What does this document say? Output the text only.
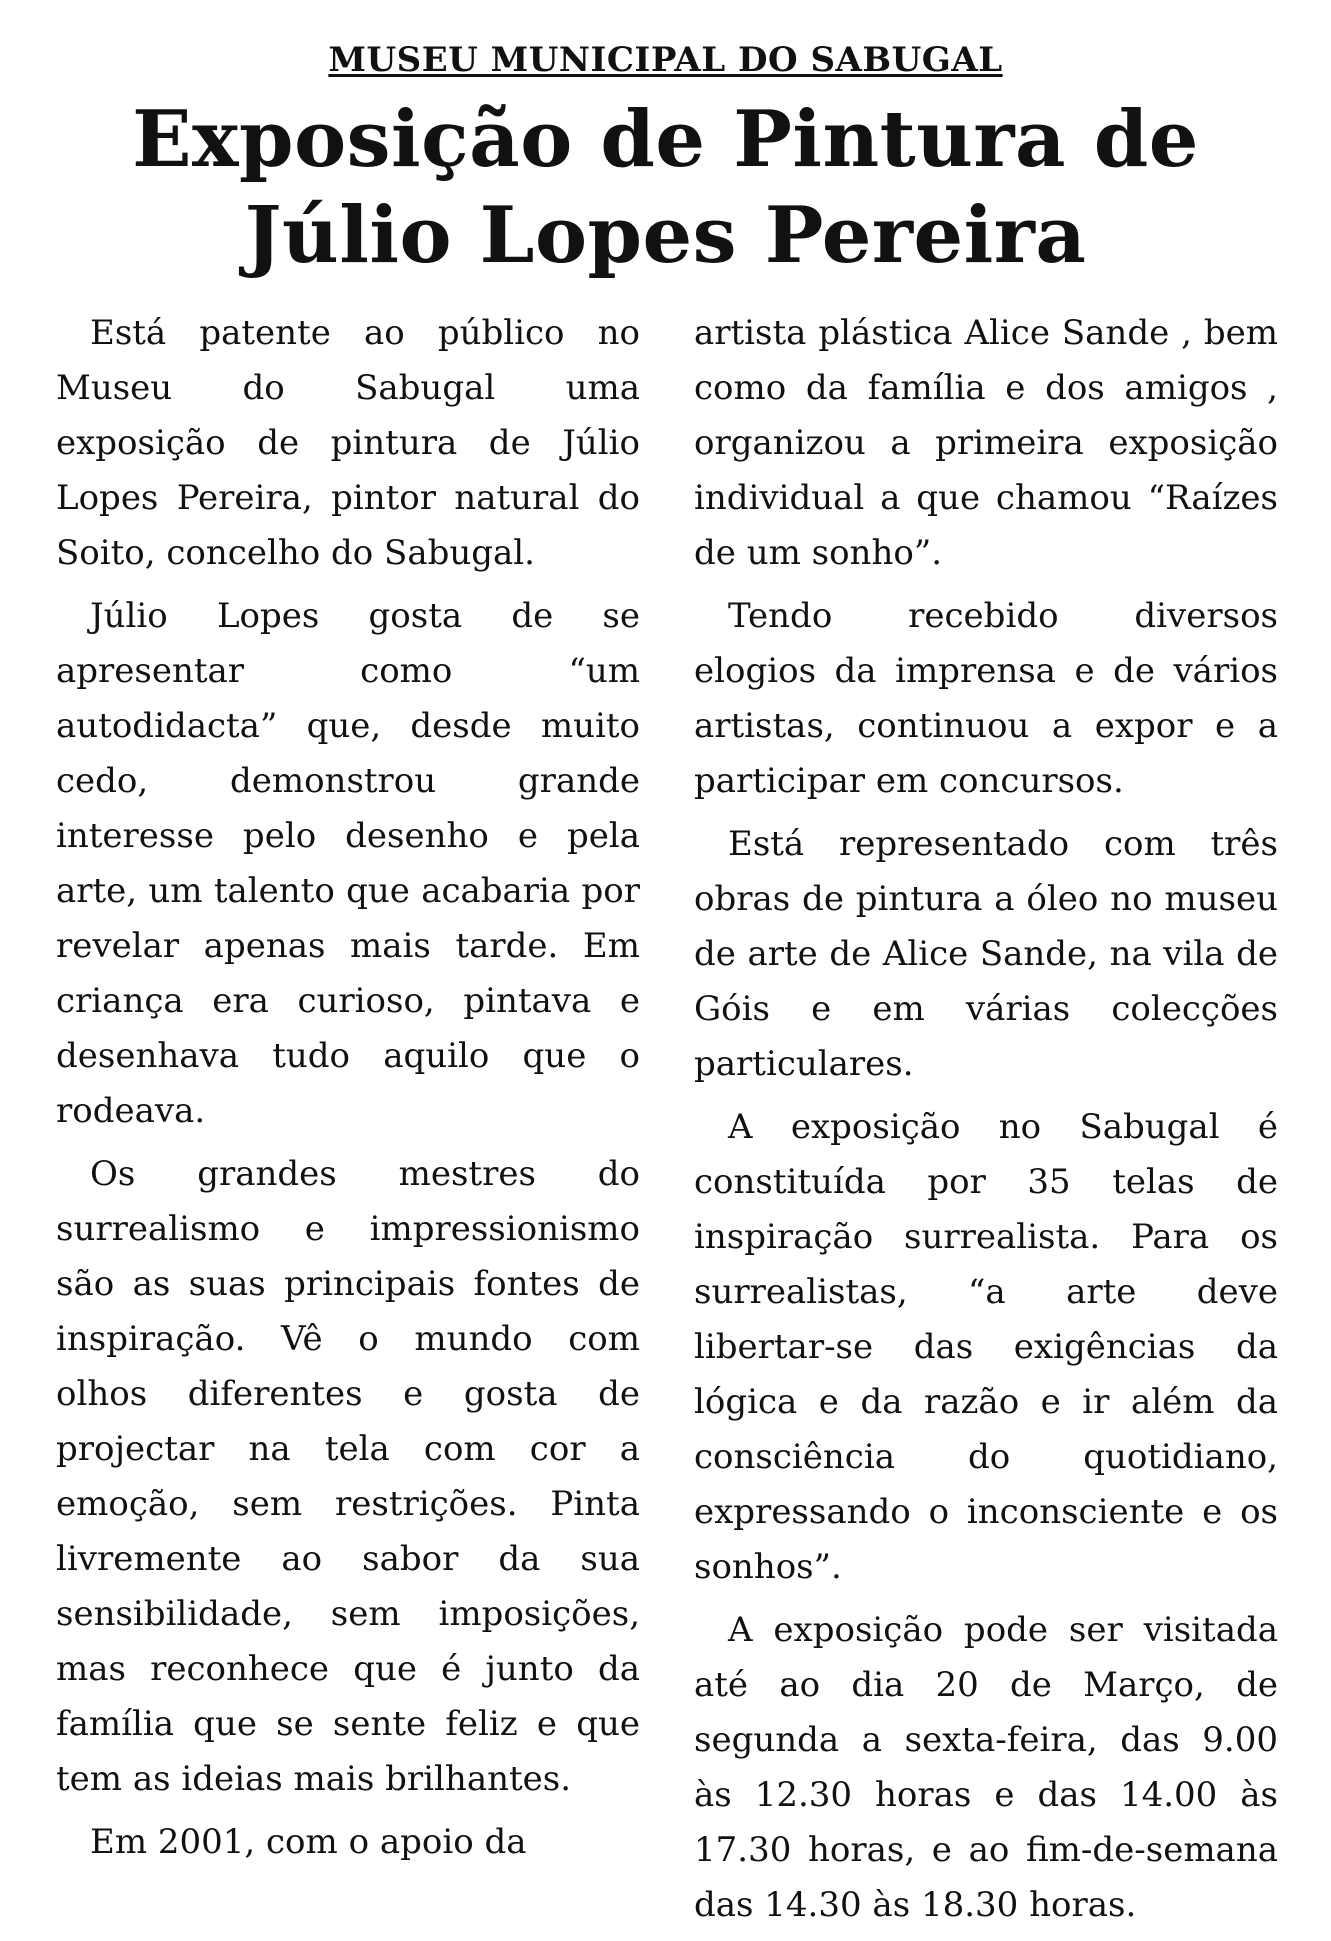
MUSEU MUNICIPAL DO SABUGAL
Exposição de Pintura de
Júlio Lopes Pereira

Está patente ao público no Museu do Sabugal uma exposição de pintura de Júlio Lopes Pereira, pintor natural do Soito, concelho do Sabugal.

Júlio Lopes gosta de se apresentar como “um autodidacta” que, desde muito cedo, demonstrou grande interesse pelo desenho e pela arte, um talento que acabaria por revelar apenas mais tarde. Em criança era curioso, pintava e desenhava tudo aquilo que o rodeava.

Os grandes mestres do surrealismo e impressionismo são as suas principais fontes de inspiração. Vê o mundo com olhos diferentes e gosta de projectar na tela com cor a emoção, sem restrições. Pinta livremente ao sabor da sua sensibilidade, sem imposições, mas reconhece que é junto da família que se sente feliz e que tem as ideias mais brilhantes.

Em 2001, com o apoio da

artista plástica Alice Sande , bem como da família e dos amigos , organizou a primeira exposição individual a que chamou “Raízes de um sonho”.

Tendo recebido diversos elogios da imprensa e de vários artistas, continuou a expor e a participar em concursos.

Está representado com três obras de pintura a óleo no museu de arte de Alice Sande, na vila de Góis e em várias colecções particulares.

A exposição no Sabugal é constituída por 35 telas de inspiração surrealista. Para os surrealistas, “a arte deve libertar-se das exigências da lógica e da razão e ir além da consciência do quotidiano, expressando o inconsciente e os sonhos”.

A exposição pode ser visitada até ao dia 20 de Março, de segunda a sexta-feira, das 9.00 às 12.30 horas e das 14.00 às 17.30 horas, e ao fim-de-semana das 14.30 às 18.30 horas.
